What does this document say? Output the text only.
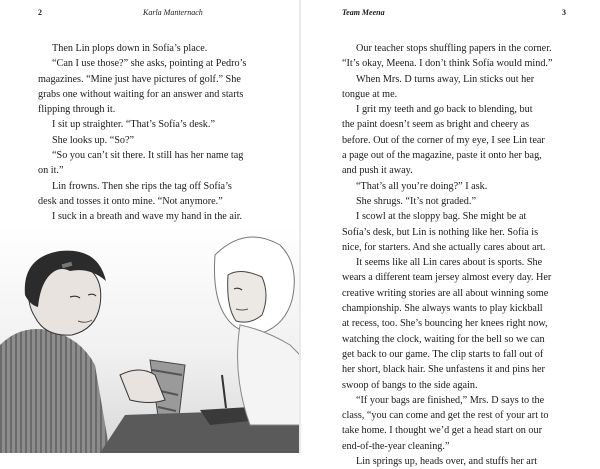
2	Karla Manternach
Then Lin plops down in Sofía’s place.
“Can I use those?” she asks, pointing at Pedro’s
magazines. “Mine just have pictures of golf.” She
grabs one without waiting for an answer and starts
flipping through it.
I sit up straighter. “That’s Sofía’s desk.”
She looks up. “So?”
“So you can’t sit there. It still has her name tag
on it.”
Lin frowns. Then she rips the tag off Sofía’s
desk and tosses it onto mine. “Not anymore.”
I suck in a breath and wave my hand in the air.
Team Meena	3
Our teacher stops shuffling papers in the corner.
“It’s okay, Meena. I don’t think Sofía would mind.”
When Mrs. D turns away, Lin sticks out her
tongue at me.
I grit my teeth and go back to blending, but
the paint doesn’t seem as bright and cheery as
before. Out of the corner of my eye, I see Lin tear
a page out of the magazine, paste it onto her bag,
and push it away.
“That’s all you’re doing?” I ask.
She shrugs. “It’s not graded.”
I scowl at the sloppy bag. She might be at
Sofía’s desk, but Lin is nothing like her. Sofía is
nice, for starters. And she actually cares about art.
It seems like all Lin cares about is sports. She
wears a different team jersey almost every day. Her
creative writing stories are all about winning some
championship. She always wants to play kickball
at recess, too. She’s bouncing her knees right now,
watching the clock, waiting for the bell so we can
get back to our game. The clip starts to fall out of
her short, black hair. She unfastens it and pins her
swoop of bangs to the side again.
“If your bags are finished,” Mrs. D says to the
class, “you can come and get the rest of your art to
take home. I thought we’d get a head start on our
end-of-the-year cleaning.”
Lin springs up, heads over, and stuffs her art
